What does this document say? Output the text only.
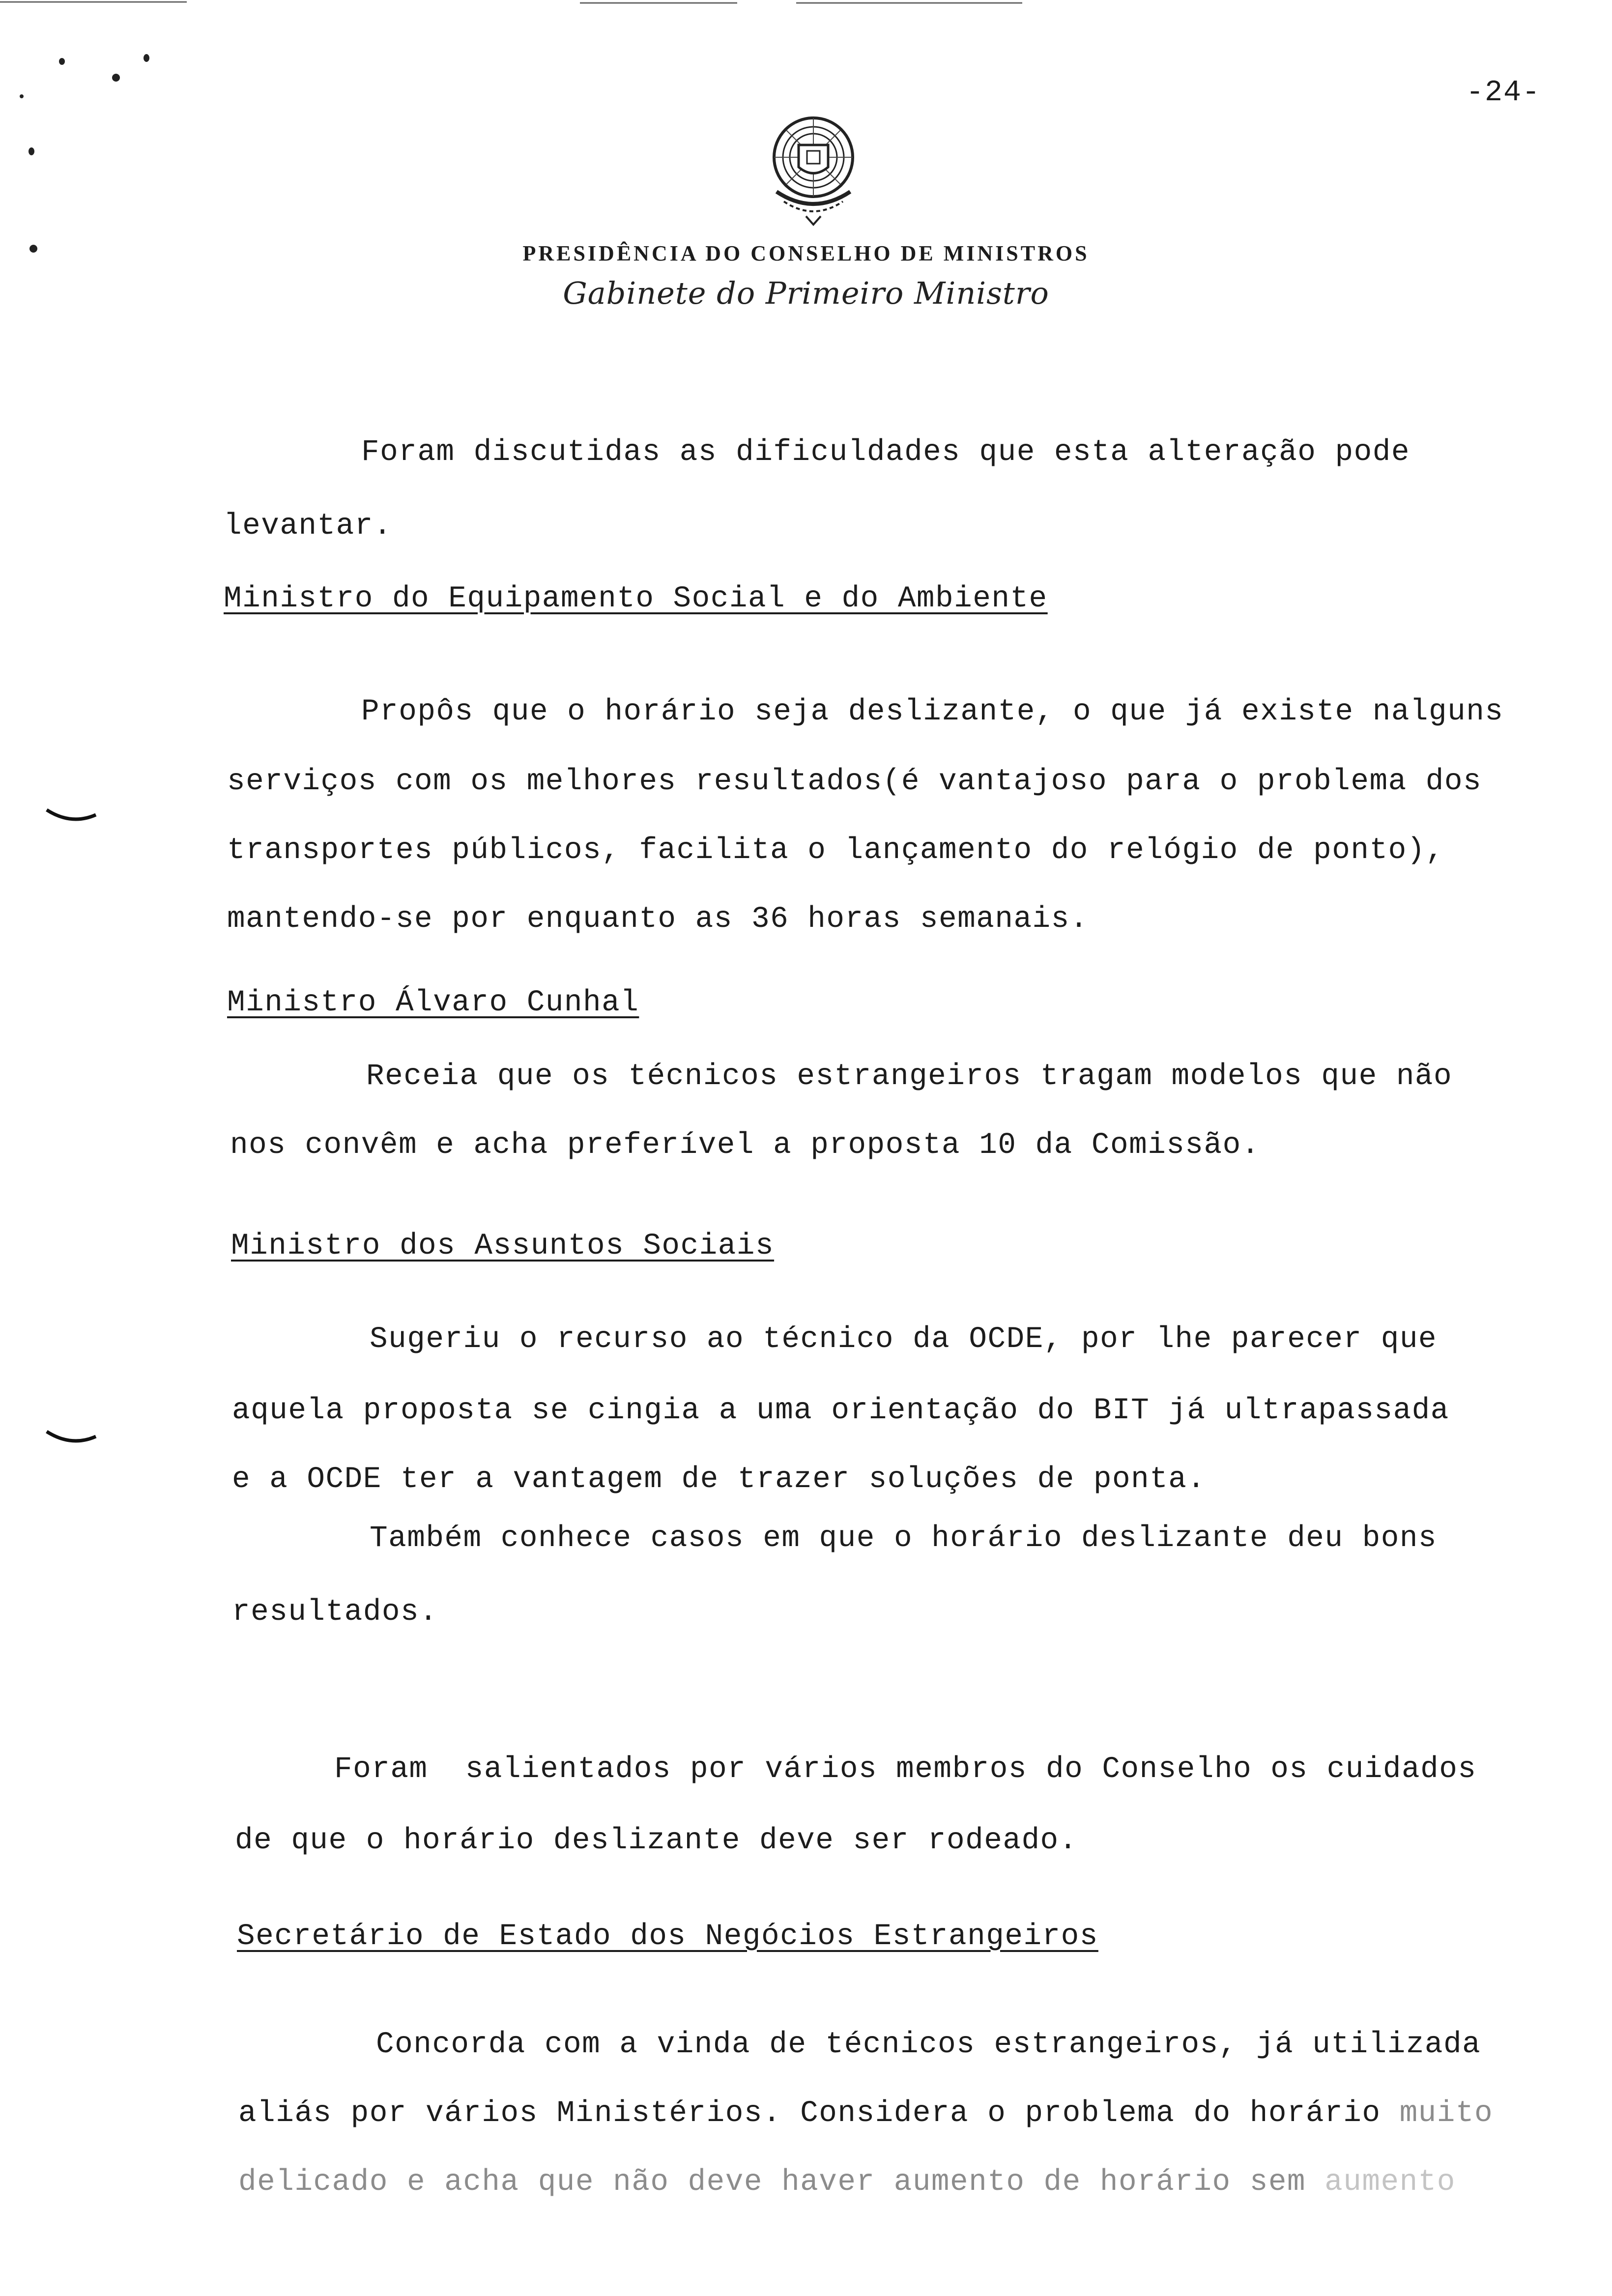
-24-
PRESIDÊNCIA DO CONSELHO DE MINISTROS
Gabinete do Primeiro Ministro
Foram discutidas as dificuldades que esta alteração pode
levantar.
Ministro do Equipamento Social e do Ambiente
Propôs que o horário seja deslizante, o que já existe nalguns
serviços com os melhores resultados(é vantajoso para o problema dos
transportes públicos, facilita o lançamento do relógio de ponto),
mantendo-se por enquanto as 36 horas semanais.
Ministro Álvaro Cunhal
Receia que os técnicos estrangeiros tragam modelos que não
nos convêm e acha preferível a proposta 10 da Comissão.
Ministro dos Assuntos Sociais
Sugeriu o recurso ao técnico da OCDE, por lhe parecer que
aquela proposta se cingia a uma orientação do BIT já ultrapassada
e a OCDE ter a vantagem de trazer soluções de ponta.
Também conhece casos em que o horário deslizante deu bons
resultados.
Foram  salientados por vários membros do Conselho os cuidados
de que o horário deslizante deve ser rodeado.
Secretário de Estado dos Negócios Estrangeiros
Concorda com a vinda de técnicos estrangeiros, já utilizada
aliás por vários Ministérios. Considera o problema do horário muito
delicado e acha que não deve haver aumento de horário sem aumento
